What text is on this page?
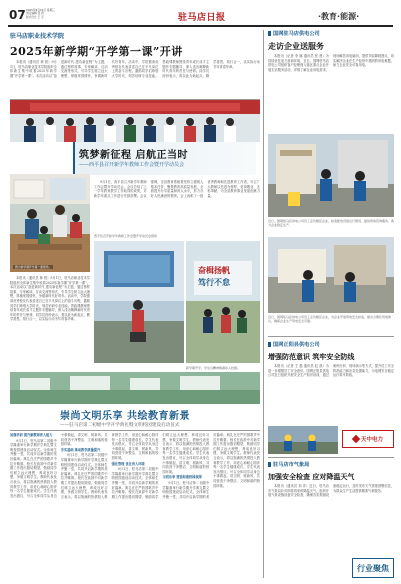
07 2025年9月10日 星期三
责任编辑 张 莉
版式设计 王 宇	驻马店日报	·教育·能源·
驻马店职业技术学院
2025年新学期“开学第一课”开讲

本报讯（通讯员 林 悦）9月1日，驻马店职业技术学院组织全体新生集中收看2025年新学期“开学第一课”。本次活动以“奋进新时代 建功新征程”为主题，通过榜样故事、专家解读、互动交流等形式，引导学生树立远大理想，厚植家国情怀，争做新时代好青年。活动中，学院邀请优秀校友代表讲述自己在平凡岗位上的奋斗历程，激励同学们珍惜大学时光，刻苦钻研专业技能。思政课教师围绕青年成长成才主题作专题辅导，深入浅出阐释新时代青年的责任与使命。同学们纷纷表示，将以此为新起点，勤学善思，知行合一，以实际行动书写青春华章。

筑梦新征程 启航正当时
——西平县召开新学年教师工作会暨开学动员会
图为新学期开学第一课现场。

9月1日，西平县召开新学年教师工作会暨开学动员会。会议总结了上一学年教育教学工作取得的成绩，对新学年重点工作进行安排部署。会议强调，全县教育系统要坚持立德树人根本任务，聚焦教育高质量发展，全面提升办学质量和育人水平，努力办好人民满意的教育。会上表彰了一批优秀教师和先进教育工作者，号召广大教师以先进为榜样，爱岗敬业、无私奉献，为全县教育事业发展贡献力量。

西平县召开新学年教师工作会暨开学动员会现场
奋楫扬帆
笃行不怠
新学期开学，学生们精神饱满步入校园。

本报讯（通讯员 林 悦）9月1日，驻马店职业技术学院组织全体新生集中收看2025年新学期“开学第一课”。本次活动以“奋进新时代 建功新征程”为主题，通过榜样故事、专家解读、互动交流等形式，引导学生树立远大理想，厚植家国情怀，争做新时代好青年。活动中，学院邀请优秀校友代表讲述自己在平凡岗位上的奋斗历程，激励同学们珍惜大学时光，刻苦钻研专业技能。思政课教师围绕青年成长成才主题作专题辅导，深入浅出阐释新时代青年的责任与使命。同学们纷纷表示，将以此为新起点，勤学善思，知行合一，以实际行动书写青春华章。

崇尚文明乐享 共绘教育新景
——驻马店第二初级中学开学典礼暨文明校园建设启动仪式

加强培训 提升新教师育人能力

9月1日，驻马店第二初级中学隆重举行新学期开学典礼暨文明校园建设启动仪式。全体师生齐聚一堂，共同开启新学期的美好篇章。典礼在庄严的国歌声中拉开帷幕。校长在致辞中对新学期工作提出殷切期望，勉励同学们树立远大理想，养成良好习惯，争做文明学生。教师代表发言表示，将以饱满的热情投入教育教学工作，用爱心和耐心陪伴每一名学生健康成长。学生代表发出倡议，号召全体同学从身边小事做起，讲文明、树新风，共同营造干净整洁、文明和谐的校园环境。

夯实基础 推动教学质量提升

9月1日，驻马店第二初级中学隆重举行新学期开学典礼暨文明校园建设启动仪式。全体师生齐聚一堂，共同开启新学期的美好篇章。典礼在庄严的国歌声中拉开帷幕。校长在致辞中对新学期工作提出殷切期望，勉励同学们树立远大理想，养成良好习惯，争做文明学生。教师代表发言表示，将以饱满的热情投入教育教学工作，用爱心和耐心陪伴每一名学生健康成长。学生代表发出倡议，号召全体同学从身边小事做起，讲文明、树新风，共同营造干净整洁、文明和谐的校园环境。

强化管理 优化育人环境

9月1日，驻马店第二初级中学隆重举行新学期开学典礼暨文明校园建设启动仪式。全体师生齐聚一堂，共同开启新学期的美好篇章。典礼在庄严的国歌声中拉开帷幕。校长在致辞中对新学期工作提出殷切期望，勉励同学们树立远大理想，养成良好习惯，争做文明学生。教师代表发言表示，将以饱满的热情投入教育教学工作，用爱心和耐心陪伴每一名学生健康成长。学生代表发出倡议，号召全体同学从身边小事做起，讲文明、树新风，共同营造干净整洁、文明和谐的校园环境。

文明乐享 营造和谐校园氛围

9月1日，驻马店第二初级中学隆重举行新学期开学典礼暨文明校园建设启动仪式。全体师生齐聚一堂，共同开启新学期的美好篇章。典礼在庄严的国歌声中拉开帷幕。校长在致辞中对新学期工作提出殷切期望，勉励同学们树立远大理想，养成良好习惯，争做文明学生。教师代表发言表示，将以饱满的热情投入教育教学工作，用爱心和耐心陪伴每一名学生健康成长。学生代表发出倡议，号召全体同学从身边小事做起，讲文明、树新风，共同营造干净整洁、文明和谐的校园环境。

国网驻马店供电公司
走访企业送服务

本报讯（记者 李 娜 通讯员 张 晨）为持续优化电力营商环境，近日，国网驻马店供电公司组织客户经理深入辖区重点企业开展走访服务活动，详细了解企业用电需求，现场解答用电疑问，提供节能降耗建议，切实解决企业在生产经营中遇到的用电难题，助力企业安全可靠用电。

近日，国网驻马店供电公司员工走访辖区企业，检查配电设备运行情况，提供用电咨询服务，助力企业稳定生产。
近日，国网驻马店供电公司员工走访辖区企业，为企业开展用电安全检查，提出合理化用电建议，确保企业生产用电安全可靠。
国网正阳县供电公司
增强防范意识 筑牢安全防线

本报讯（记者 王 磊 通讯员 赵 凯）为进一步增强员工安全意识，国网正阳县供电公司近日组织开展安全生产知识培训，通过案例分析、现场演示等方式，提升员工安全防范能力和应急处置能力，为电网安全稳定运行筑牢防线。

天中电力
驻马店市气象局
加强安全检查 应对降温天气

本报讯（通讯员 刘 洋）近日，驻马店市气象局针对即将到来的降温天气，组织开展气象设施设备安全检查，确保各类观测设备稳定运行，及时发布天气预报预警信息，为群众生产生活提供精准气象服务。

行业聚焦
